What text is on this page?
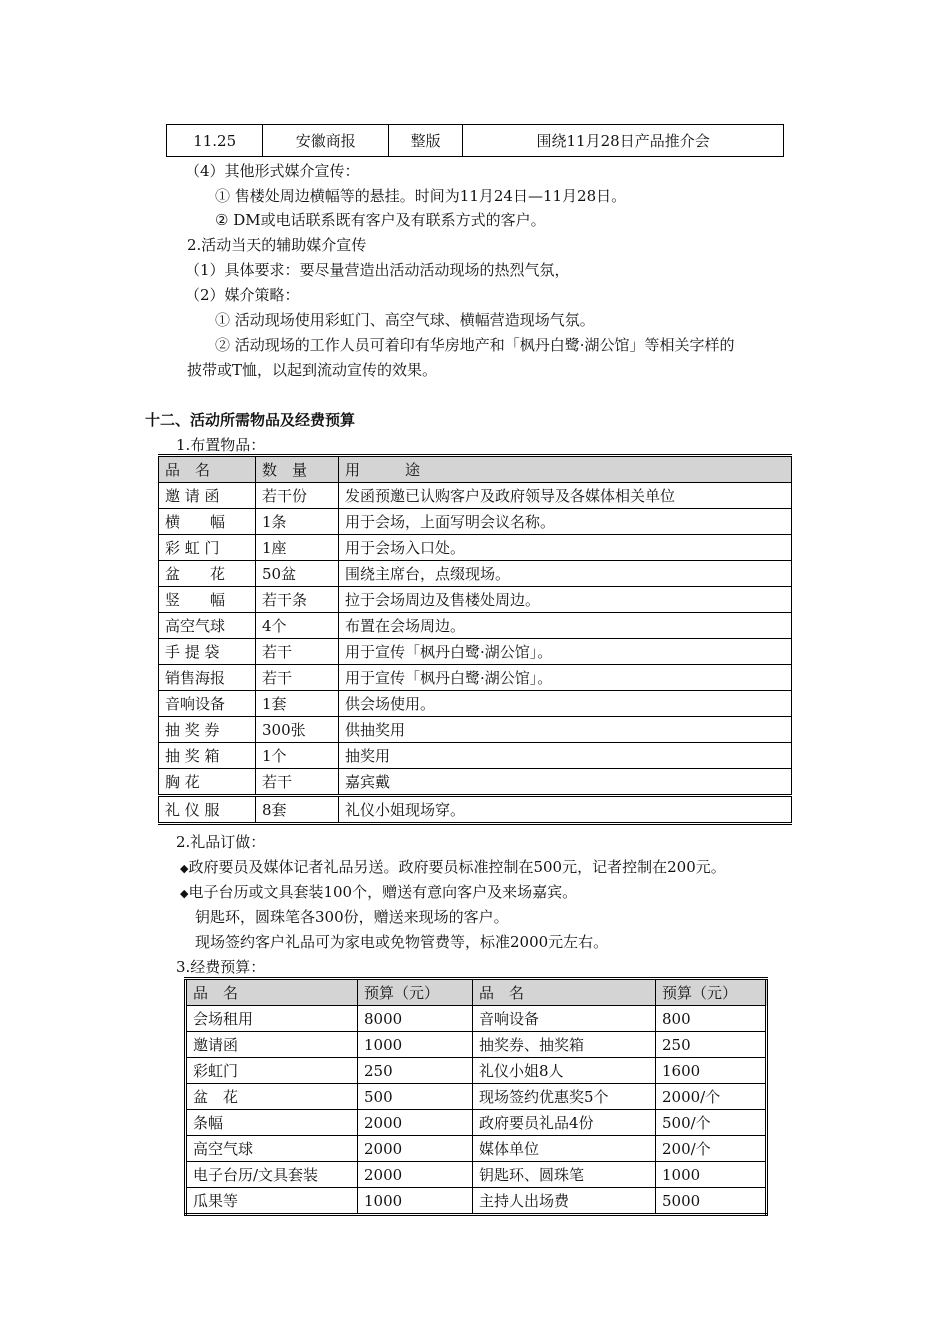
11.25	安徽商报	整版	围绕11月28日产品推介会
（4）其他形式媒介宣传：
① 售楼处周边横幅等的悬挂。时间为11月24日—11月28日。
② DM或电话联系既有客户及有联系方式的客户。
2.活动当天的辅助媒介宣传
（1）具体要求：要尽量营造出活动活动现场的热烈气氛，
（2）媒介策略：
① 活动现场使用彩虹门、高空气球、横幅营造现场气氛。
② 活动现场的工作人员可着印有华房地产和「枫丹白鹭·湖公馆」等相关字样的
披带或T恤，以起到流动宣传的效果。
十二、活动所需物品及经费预算
1.布置物品：
品　名	数　量	用　　　途
邀 请 函	若干份	发函预邀已认购客户及政府领导及各媒体相关单位
横　　幅	1条	用于会场，上面写明会议名称。
彩 虹 门	1座	用于会场入口处。
盆　　花	50盆	围绕主席台，点缀现场。
竖　　幅	若干条	拉于会场周边及售楼处周边。
高空气球	4个	布置在会场周边。
手 提 袋	若干	用于宣传「枫丹白鹭·湖公馆」。
销售海报	若干	用于宣传「枫丹白鹭·湖公馆」。
音响设备	1套	供会场使用。
抽 奖 券	300张	供抽奖用
抽 奖 箱	1个	抽奖用
胸 花	若干	嘉宾戴
礼 仪 服	8套	礼仪小姐现场穿。
2.礼品订做：
◆政府要员及媒体记者礼品另送。政府要员标准控制在500元，记者控制在200元。
◆电子台历或文具套装100个，赠送有意向客户及来场嘉宾。
钥匙环，圆珠笔各300份，赠送来现场的客户。
现场签约客户礼品可为家电或免物管费等，标准2000元左右。
3.经费预算：
品　名	预算（元）	品　名	预算（元）
会场租用	8000	音响设备	800
邀请函	1000	抽奖券、抽奖箱	250
彩虹门	250	礼仪小姐8人	1600
盆　花	500	现场签约优惠奖5个	2000/个
条幅	2000	政府要员礼品4份	500/个
高空气球	2000	媒体单位	200/个
电子台历/文具套装	2000	钥匙环、圆珠笔	1000
瓜果等	1000	主持人出场费	5000
